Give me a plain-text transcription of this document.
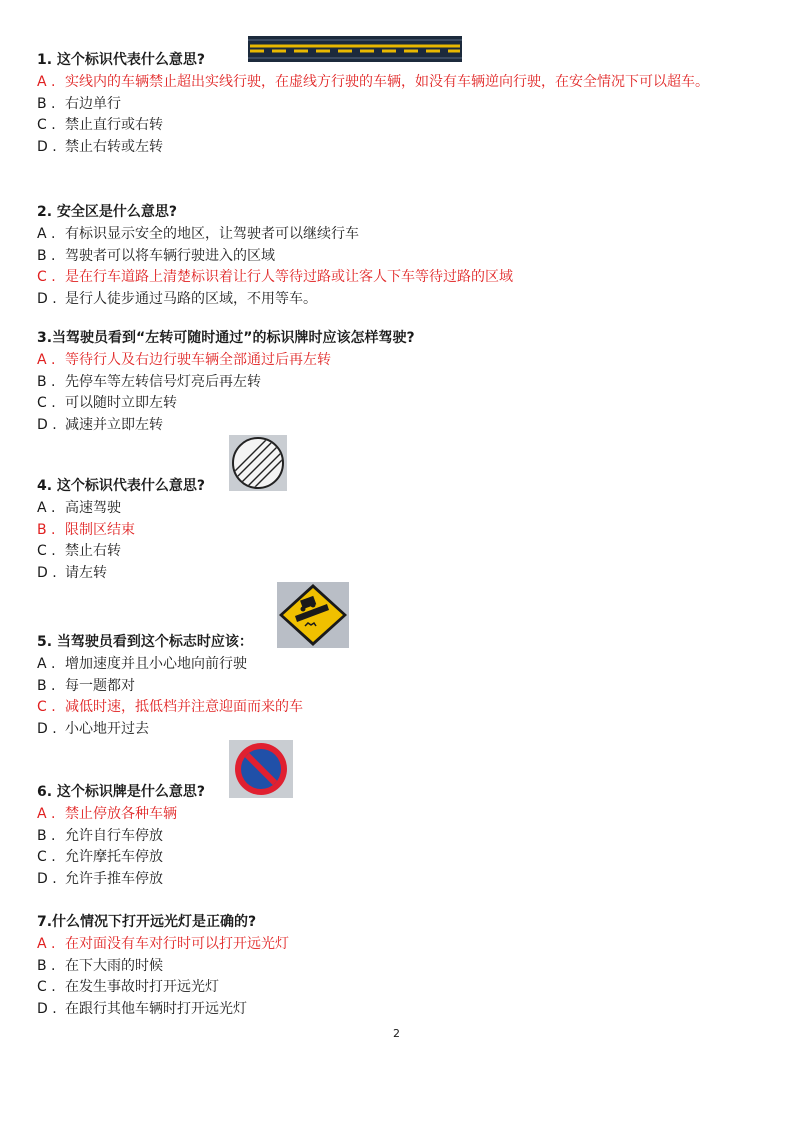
1. 这个标识代表什么意思?

A . 实线内的车辆禁止超出实线行驶，在虚线方行驶的车辆，如没有车辆逆向行驶，在安全情况下可以超车。
B . 右边单行
C . 禁止直行或右转
D . 禁止右转或左转

2. 安全区是什么意思?

A . 有标识显示安全的地区，让驾驶者可以继续行车
B . 驾驶者可以将车辆行驶进入的区域
C . 是在行车道路上清楚标识着让行人等待过路或让客人下车等待过路的区域
D . 是行人徒步通过马路的区域，不用等车。

3.当驾驶员看到“左转可随时通过”的标识牌时应该怎样驾驶?

A . 等待行人及右边行驶车辆全部通过后再左转
B . 先停车等左转信号灯亮后再左转
C . 可以随时立即左转
D . 减速并立即左转

4. 这个标识代表什么意思?

A . 高速驾驶
B . 限制区结束
C . 禁止右转
D . 请左转

5. 当驾驶员看到这个标志时应该：

A . 增加速度并且小心地向前行驶
B . 每一题都对
C . 减低时速，抵低档并注意迎面而来的车
D . 小心地开过去

6. 这个标识牌是什么意思?

A . 禁止停放各种车辆
B . 允许自行车停放
C . 允许摩托车停放
D . 允许手推车停放

7.什么情况下打开远光灯是正确的?

A . 在对面没有车对行时可以打开远光灯
B . 在下大雨的时候
C . 在发生事故时打开远光灯
D . 在跟行其他车辆时打开远光灯
2
